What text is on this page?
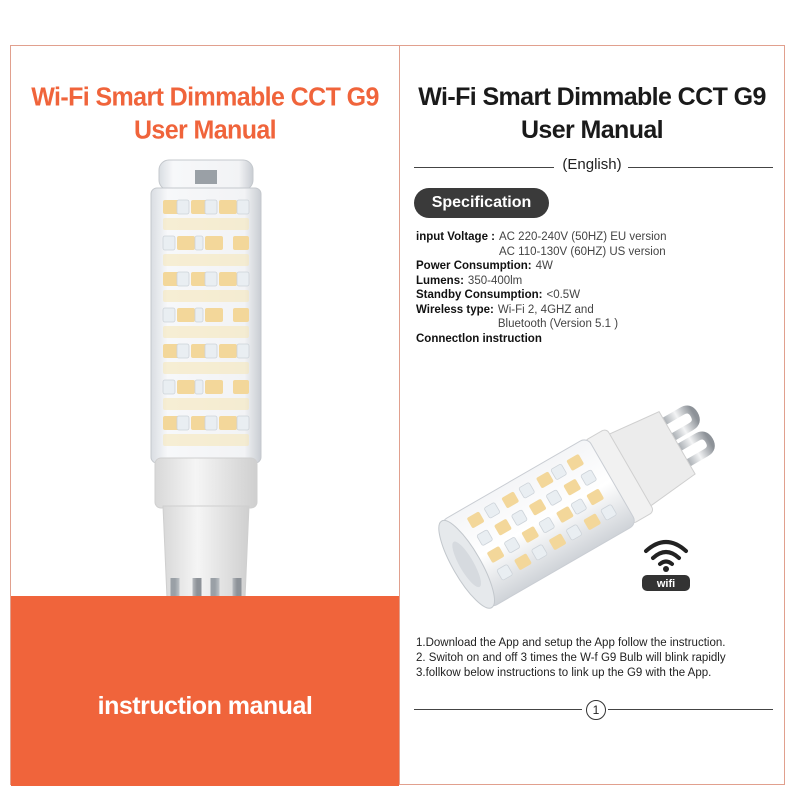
Wi-Fi Smart Dimmable CCT G9
User Manual
instruction manual
Wi-Fi Smart Dimmable CCT G9
User Manual
(English)
Specification
input Voltage : AC 220-240V (50HZ) EU version
AC 110-130V (60HZ) US version
Power Consumption: 4W
Lumens: 350-400lm
Standby Consumption: <0.5W
Wireless type: Wi-Fi 2, 4GHZ and
Bluetooth (Version 5.1 )
Connectlon instruction
wifi
1.Download the App and setup the App follow the instruction.
2. Switoh on and off 3 times the W-f G9 Bulb will blink rapidly
3.follkow below instructions to link up the G9 with the App.
1
